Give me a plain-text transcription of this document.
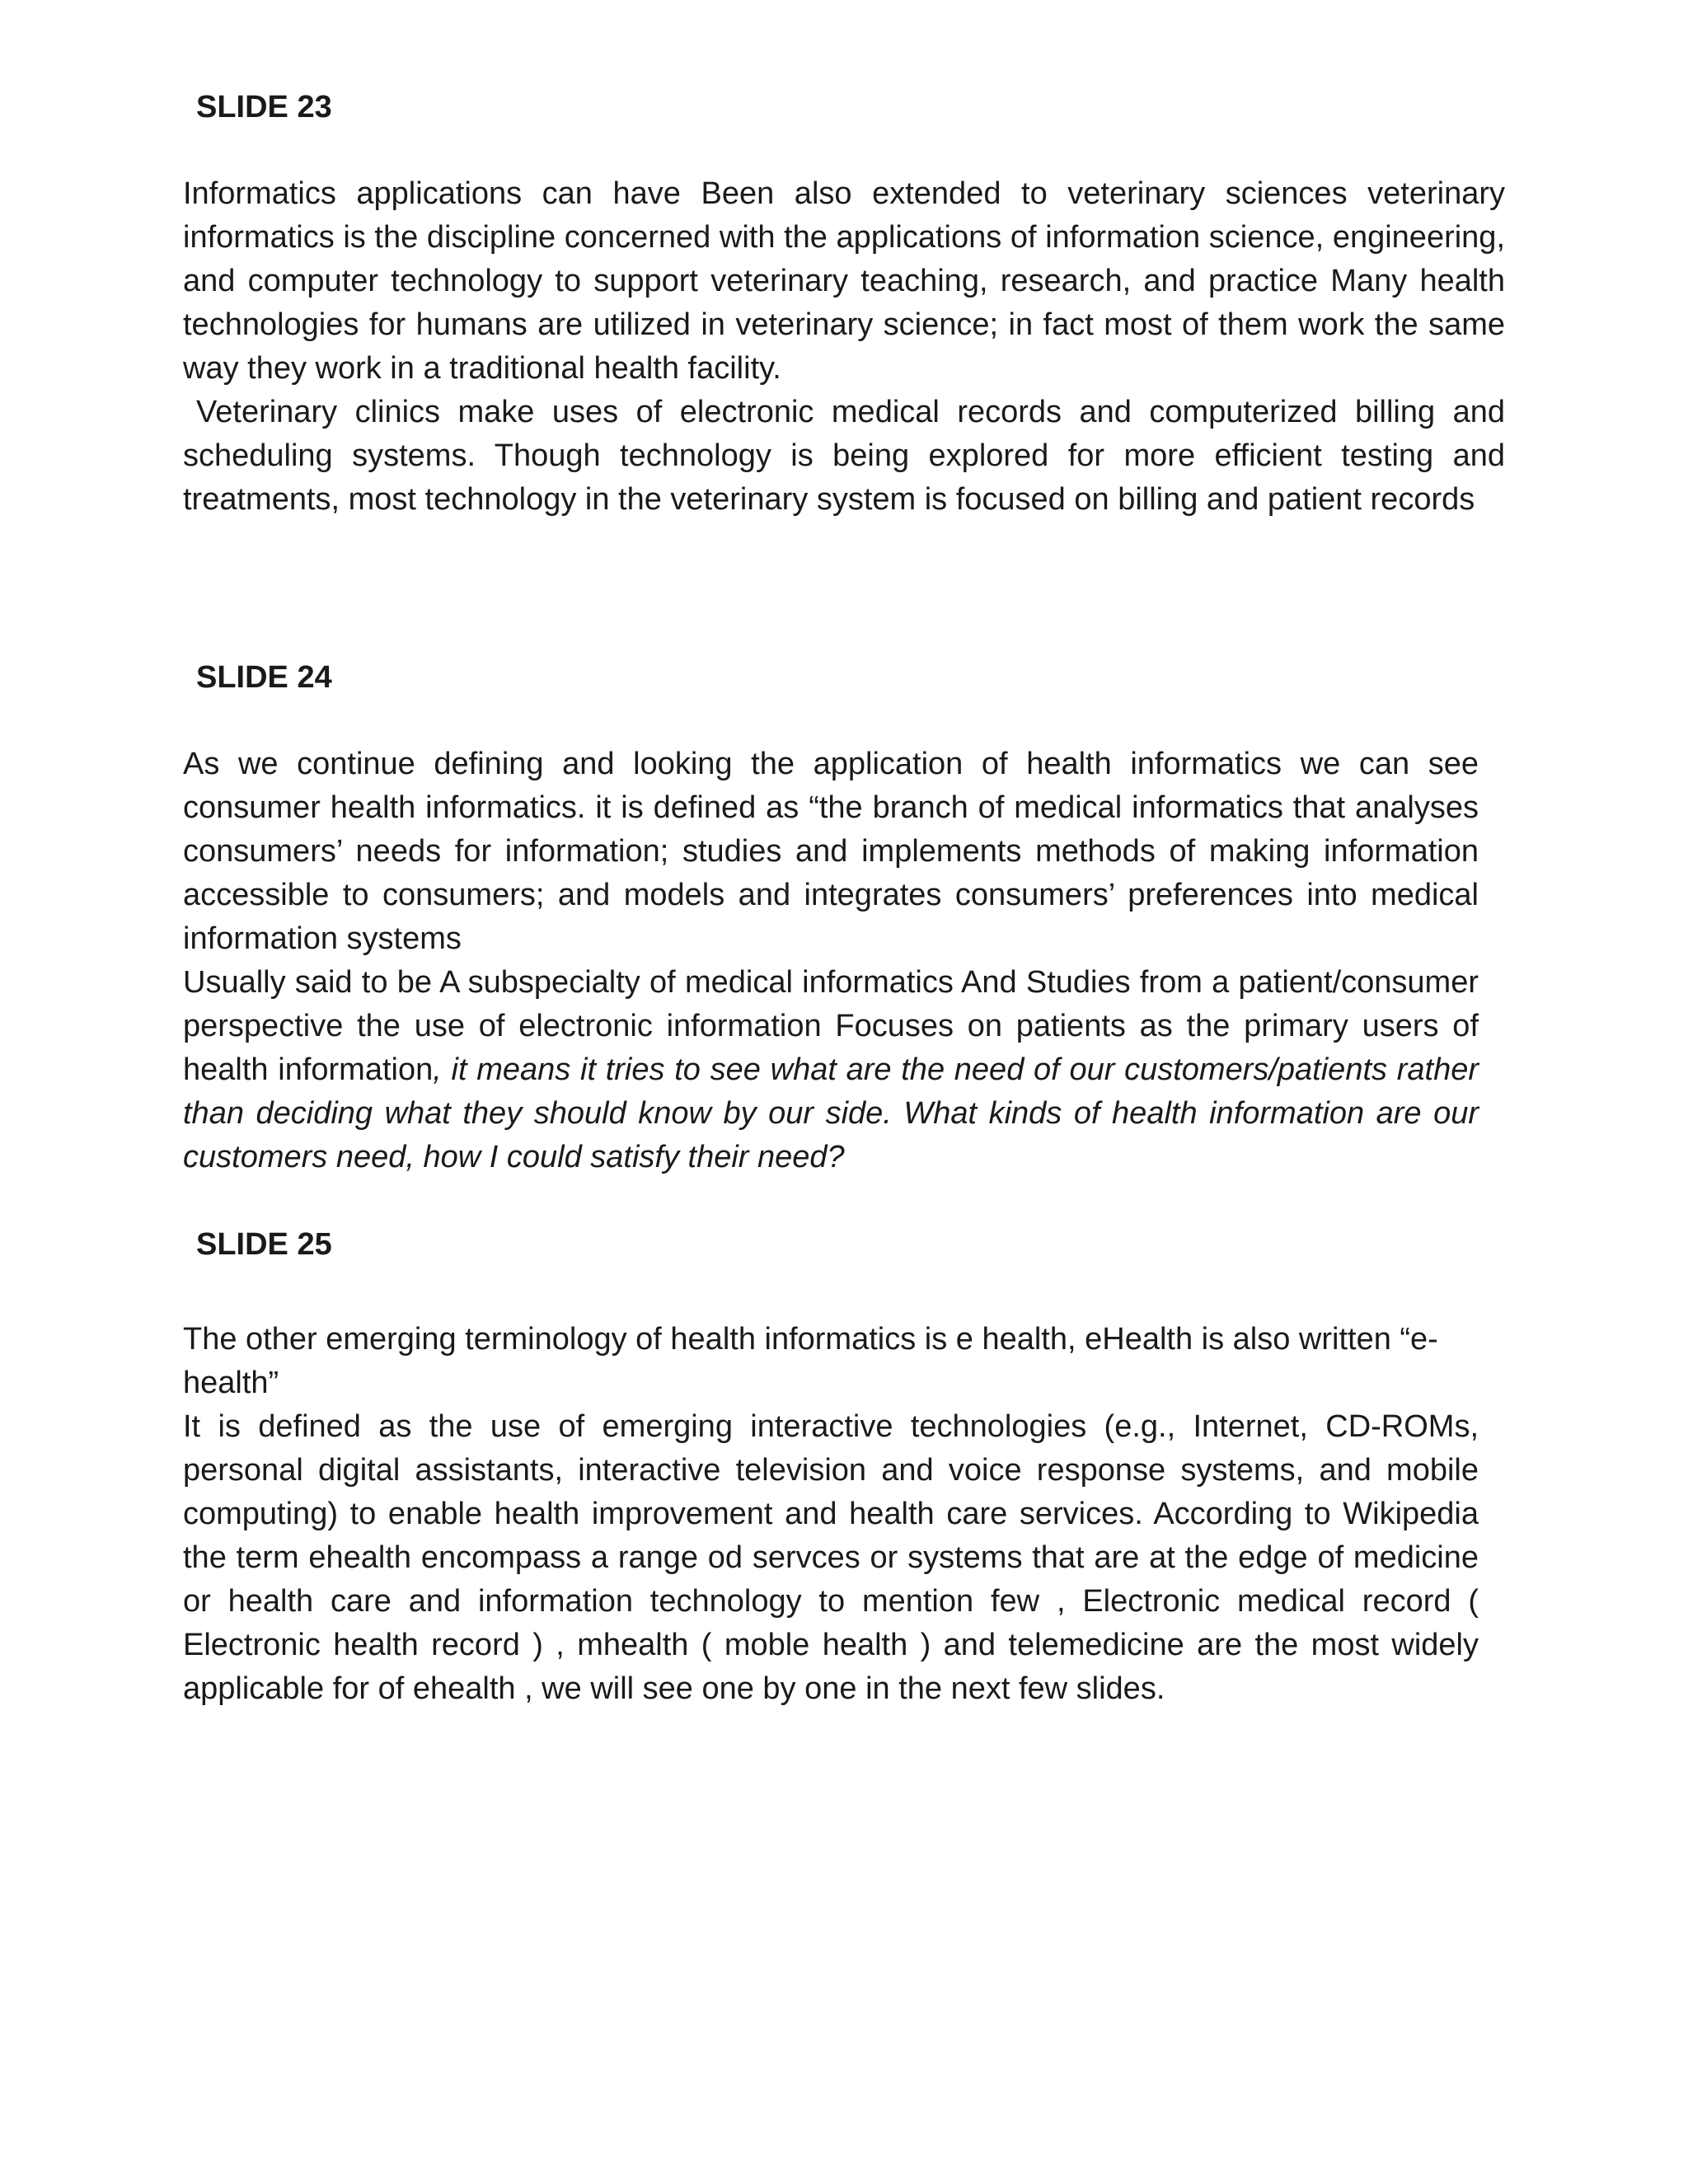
SLIDE 23

Informatics applications can have Been also extended to veterinary sciences veterinary informatics is the discipline concerned with the applications of information science, engineering, and computer technology to support veterinary teaching, research, and practice Many health technologies for humans are utilized in veterinary science; in fact most of them work the same way they work in a traditional health facility.

Veterinary clinics make uses of electronic medical records and computerized billing and scheduling systems. Though technology is being explored for more efficient testing and treatments, most technology in the veterinary system is focused on billing and patient records

SLIDE 24

As we continue defining and looking the application of health informatics we can see consumer health informatics. it is defined as “the branch of medical informatics that analyses consumers’ needs for information; studies and implements methods of making information accessible to consumers; and models and integrates consumers’ preferences into medical information systems

Usually said to be A subspecialty of medical informatics And Studies from a patient/consumer perspective the use of electronic information Focuses on patients as the primary users of health information, it means it tries to see what are the need of our customers/patients rather than deciding what they should know by our side. What kinds of health information are our customers need, how I could satisfy their need?

SLIDE 25

The other emerging terminology of health informatics is e health, eHealth is also written “e-health”

It is defined as the use of emerging interactive technologies (e.g., Internet, CD-ROMs, personal digital assistants, interactive television and voice response systems, and mobile computing) to enable health improvement and health care services. According to Wikipedia the term ehealth encompass a range od servces or systems that are at the edge of medicine or health care and information technology to mention few , Electronic medical record ( Electronic health record ) , mhealth ( moble health ) and telemedicine are the most widely applicable for of ehealth , we will see one by one in the next few slides.
